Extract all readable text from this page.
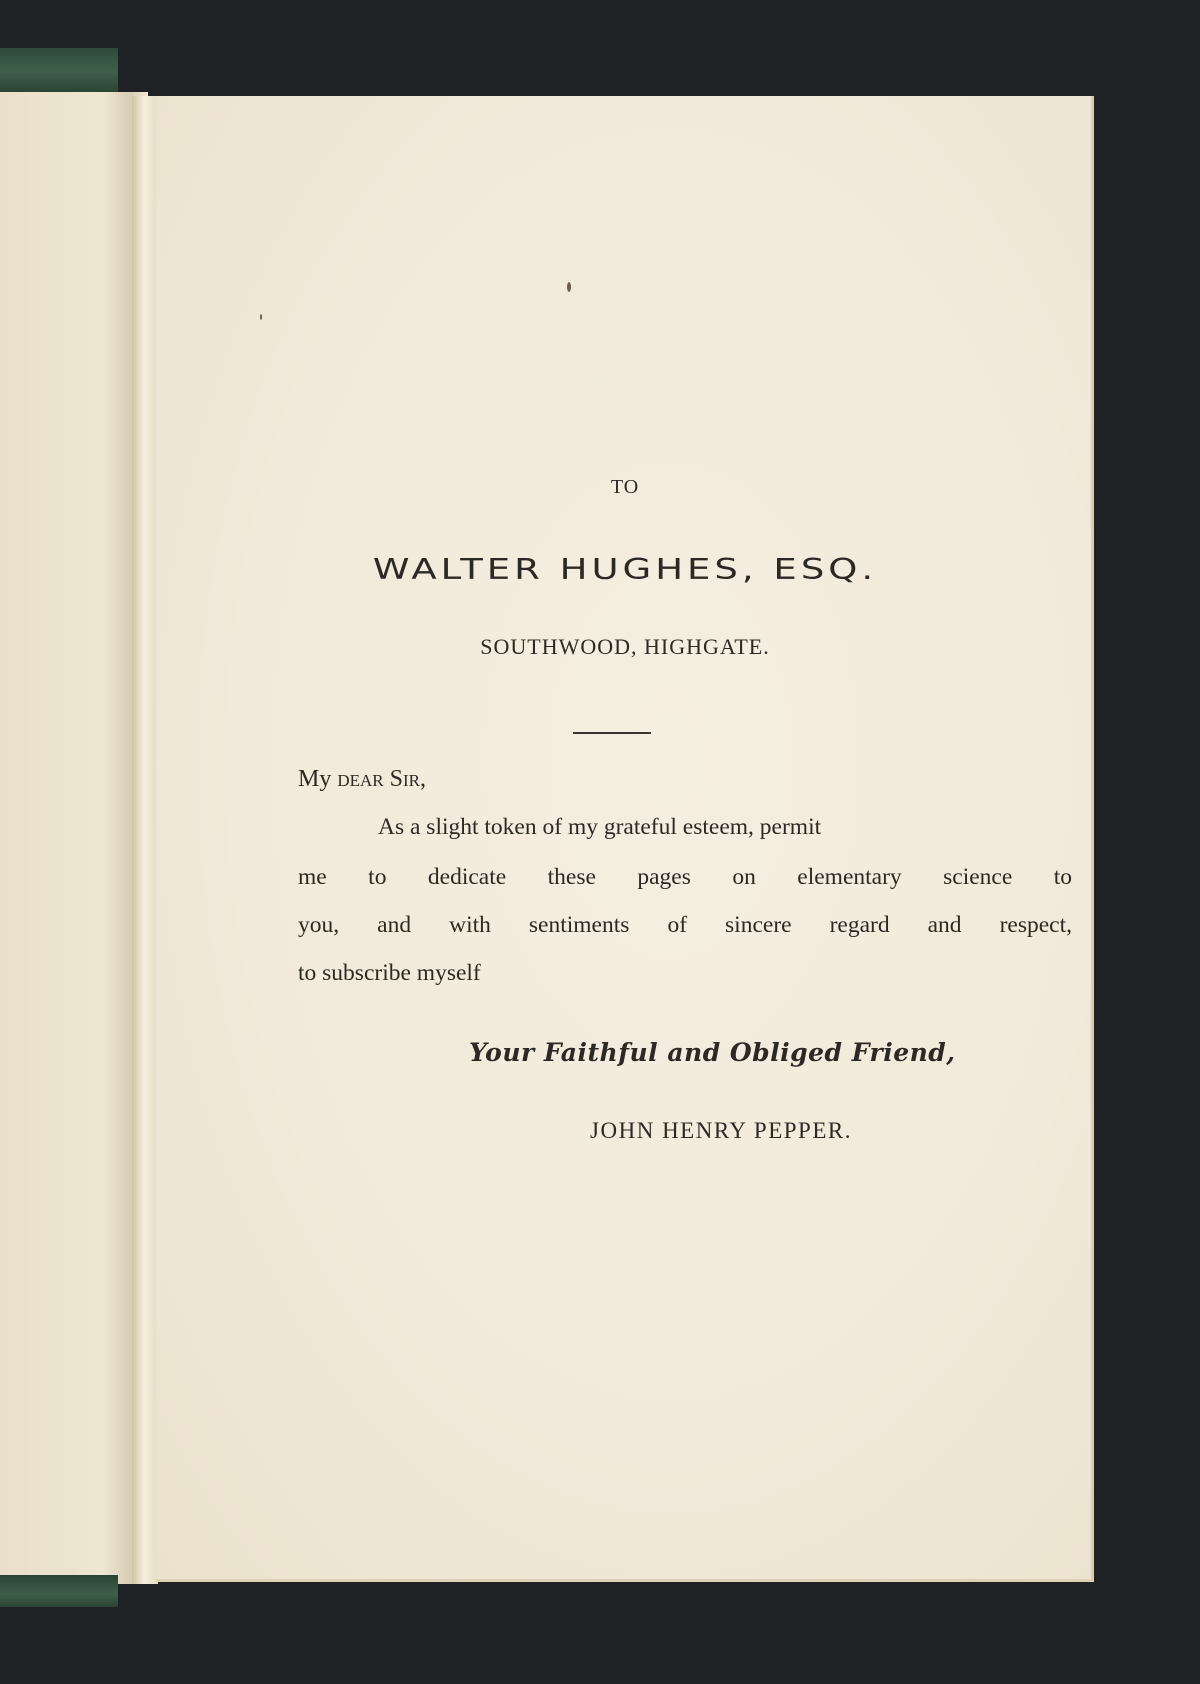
TO
WALTER HUGHES, ESQ.
SOUTHWOOD, HIGHGATE.
My dear Sir,
As a slight token of my grateful esteem, permit
me to dedicate these pages on elementary science to
you, and with sentiments of sincere regard and respect,
to subscribe myself
Your Faithful and Obliged Friend,
JOHN HENRY PEPPER.
